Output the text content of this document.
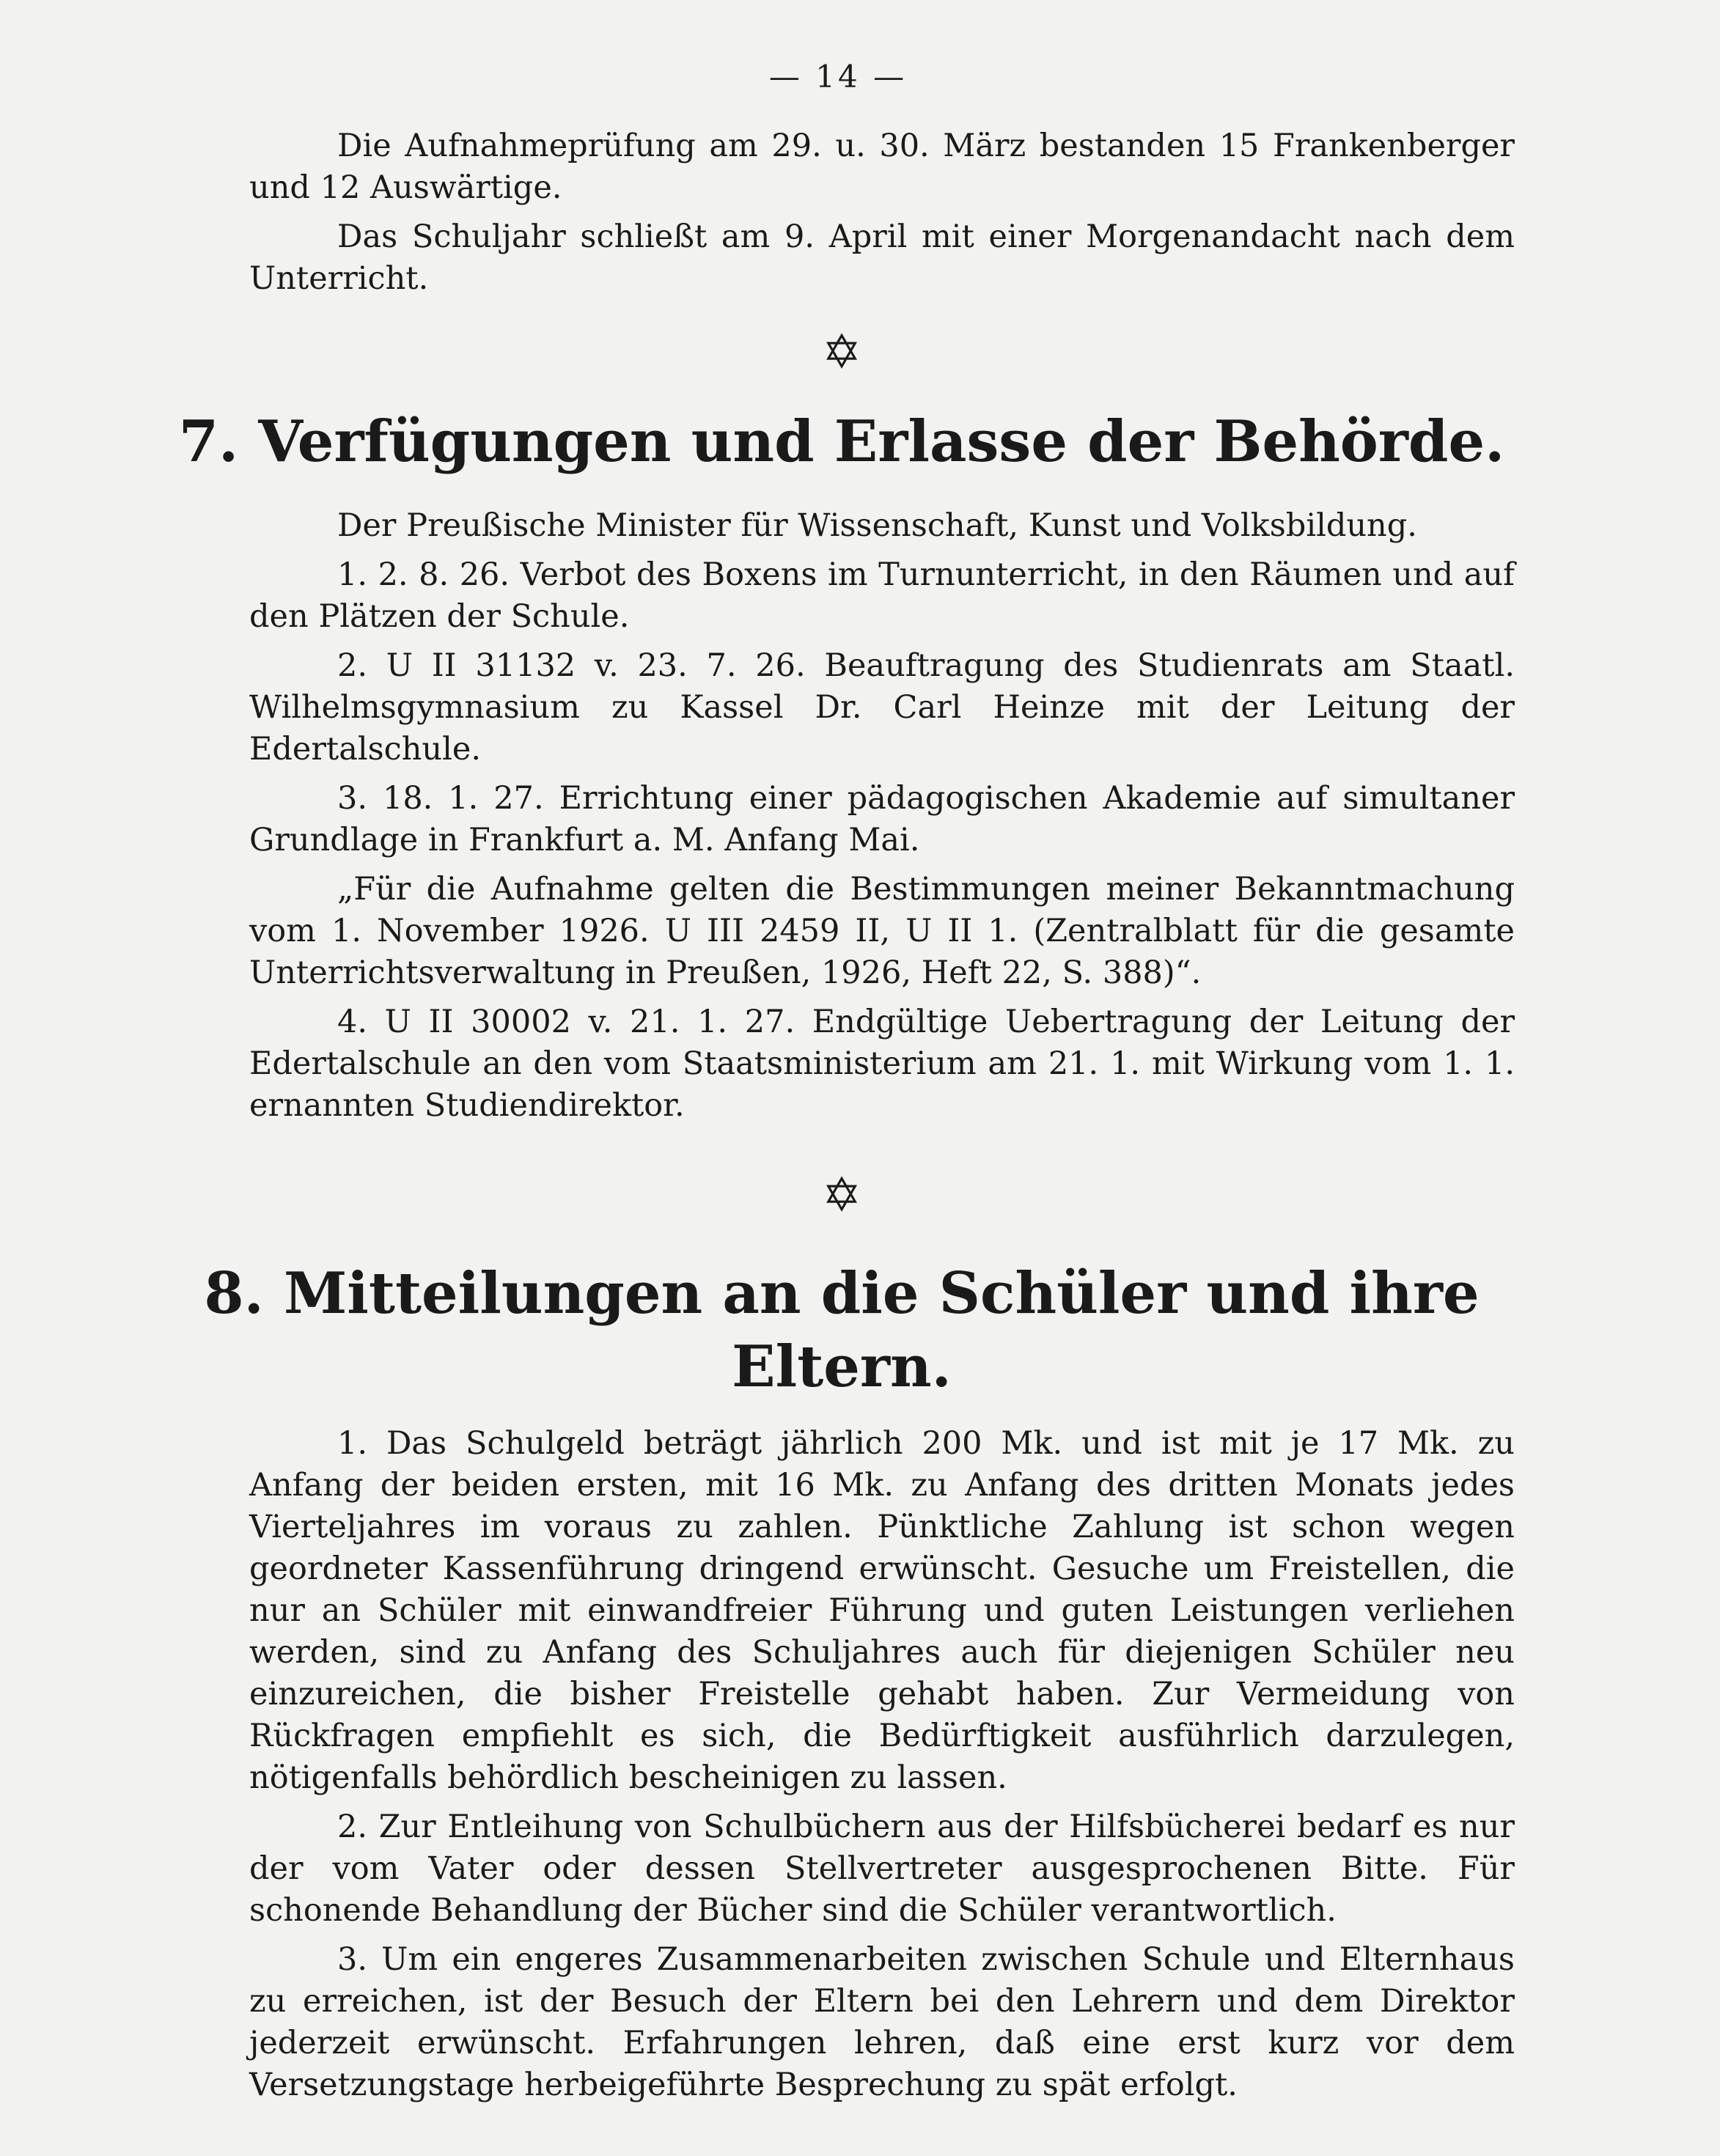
— 14 —

Die Aufnahmeprüfung am 29. u. 30. März bestanden 15 Frankenberger und 12 Auswärtige.

Das Schuljahr schließt am 9. April mit einer Morgenandacht nach dem Unterricht.

✡
7. Verfügungen und Erlasse der Behörde.

Der Preußische Minister für Wissenschaft, Kunst und Volksbildung.

1. 2. 8. 26. Verbot des Boxens im Turnunterricht, in den Räumen und auf den Plätzen der Schule.

2. U II 31132 v. 23. 7. 26. Beauftragung des Studienrats am Staatl. Wilhelmsgymnasium zu Kassel Dr. Carl Heinze mit der Leitung der Edertalschule.

3. 18. 1. 27. Errichtung einer pädagogischen Akademie auf simultaner Grundlage in Frankfurt a. M. Anfang Mai.

„Für die Aufnahme gelten die Bestimmungen meiner Bekanntmachung vom 1. November 1926. U III 2459 II, U II 1. (Zentralblatt für die gesamte Unterrichtsverwaltung in Preußen, 1926, Heft 22, S. 388)“.

4. U II 30002 v. 21. 1. 27. Endgültige Uebertragung der Leitung der Edertalschule an den vom Staatsministerium am 21. 1. mit Wirkung vom 1. 1. ernannten Studiendirektor.

✡
8. Mitteilungen an die Schüler und ihre Eltern.

1. Das Schulgeld beträgt jährlich 200 Mk. und ist mit je 17 Mk. zu Anfang der beiden ersten, mit 16 Mk. zu Anfang des dritten Monats jedes Vierteljahres im voraus zu zahlen. Pünktliche Zahlung ist schon wegen geordneter Kassenführung dringend erwünscht. Gesuche um Freistellen, die nur an Schüler mit einwandfreier Führung und guten Leistungen verliehen werden, sind zu Anfang des Schuljahres auch für diejenigen Schüler neu einzureichen, die bisher Freistelle gehabt haben. Zur Vermeidung von Rückfragen empfiehlt es sich, die Bedürftigkeit ausführlich darzulegen, nötigenfalls behördlich bescheinigen zu lassen.

2. Zur Entleihung von Schulbüchern aus der Hilfsbücherei bedarf es nur der vom Vater oder dessen Stellvertreter ausgesprochenen Bitte. Für schonende Behandlung der Bücher sind die Schüler verantwortlich.

3. Um ein engeres Zusammenarbeiten zwischen Schule und Elternhaus zu erreichen, ist der Besuch der Eltern bei den Lehrern und dem Direktor jederzeit erwünscht. Erfahrungen lehren, daß eine erst kurz vor dem Versetzungstage herbeigeführte Besprechung zu spät erfolgt.
